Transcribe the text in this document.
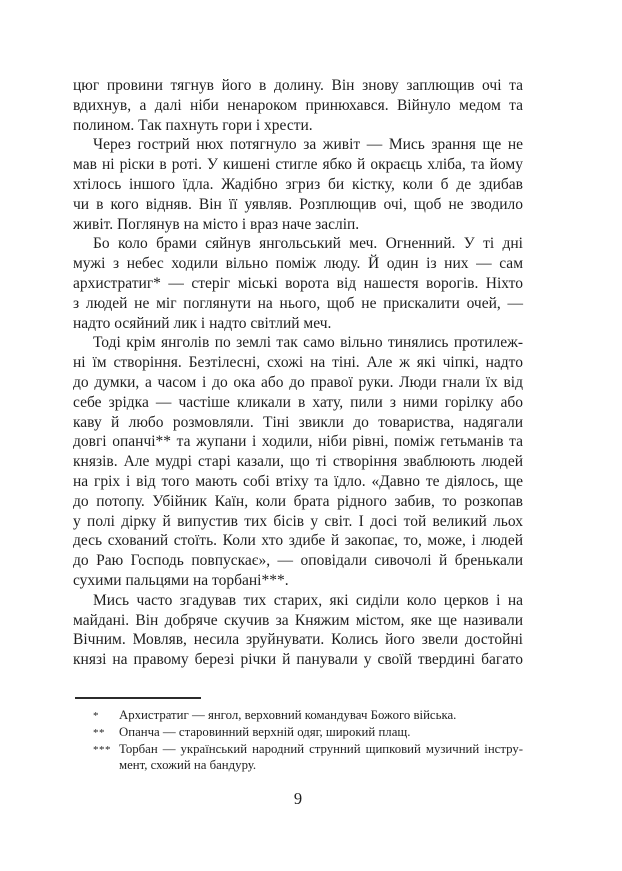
цюг провини тягнув його в долину. Він знову заплющив очі та
вдихнув, а далі ніби ненароком принюхався. Війнуло медом та
полином. Так пахнуть гори і хрести.
Через гострий нюх потягнуло за живіт — Мись зрання ще не
мав ні ріски в роті. У кишені стигле ябко й окраєць хліба, та йому
хтілось іншого їдла. Жадібно згриз би кістку, коли б де здибав
чи в кого відняв. Він її уявляв. Розплющив очі, щоб не зводило
живіт. Поглянув на місто і враз наче засліп.
Бо коло брами сяйнув янгольський меч. Огненний. У ті дні
мужі з небес ходили вільно поміж люду. Й один із них — сам
архистратиг* — стеріг міські ворота від нашестя ворогів. Ніхто
з людей не міг поглянути на нього, щоб не прискалити очей, —
надто осяйний лик і надто світлий меч.
Тоді крім янголів по землі так само вільно тинялись протилеж-
ні їм створіння. Безтілесні, схожі на тіні. Але ж які чіпкі, надто
до думки, а часом і до ока або до правої руки. Люди гнали їх від
себе зрідка — частіше кликали в хату, пили з ними горілку або
каву й любо розмовляли. Тіні звикли до товариства, надягали
довгі опанчі** та жупани і ходили, ніби рівні, поміж гетьманів та
князів. Але мудрі старі казали, що ті створіння зваблюють людей
на гріх і від того мають собі втіху та їдло. «Давно те діялось, ще
до потопу. Убійник Каїн, коли брата рідного забив, то розкопав
у полі дірку й випустив тих бісів у світ. І досі той великий льох
десь схований стоїть. Коли хто здибе й закопає, то, може, і людей
до Раю Господь повпускає», — оповідали сивочолі й бренькали
сухими пальцями на торбані***.
Мись часто згадував тих старих, які сиділи коло церков і на
майдані. Він добряче скучив за Княжим містом, яке ще називали
Вічним. Мовляв, несила зруйнувати. Колись його звели достойні
князі на правому березі річки й панували у своїй твердині багато
*	Архистратиг — янгол, верховний командувач Божого війська.
**	Опанча — старовинний верхній одяг, широкий плащ.
*** Торбан — український народний струнний щипковий музичний інстру-
мент, схожий на бандуру.
9
